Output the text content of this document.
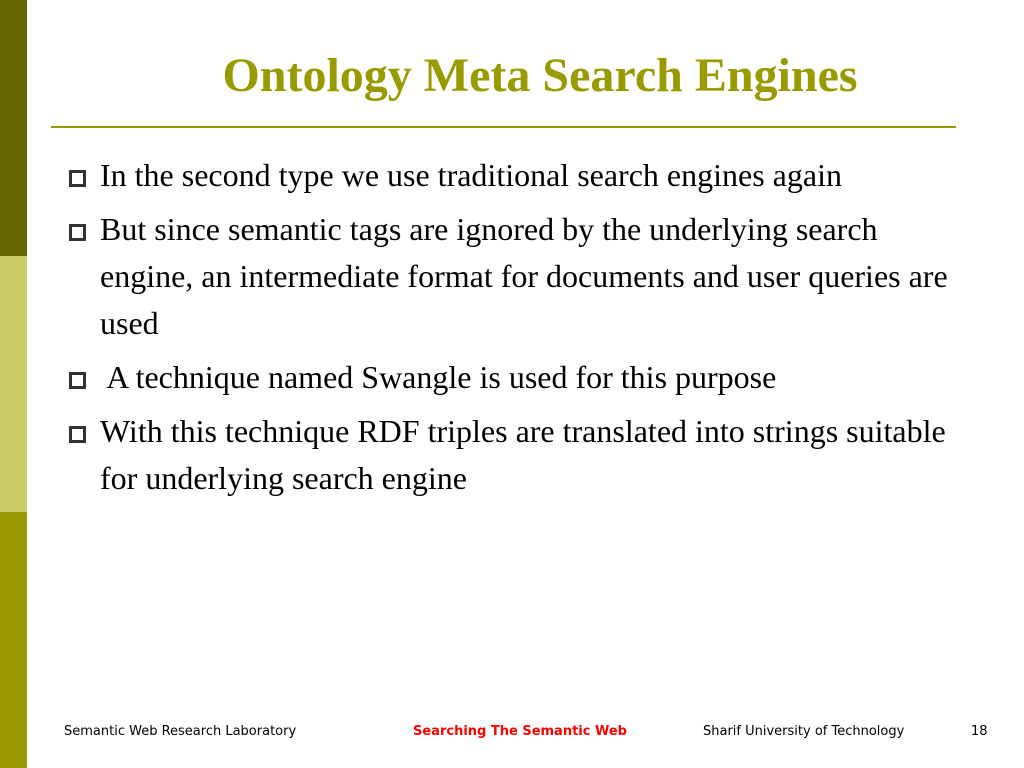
Ontology Meta Search Engines
In the second type we use traditional search engines again
But since semantic tags are ignored by the underlying search engine, an intermediate format for documents and user queries are used
A technique named Swangle is used for this purpose
With this technique RDF triples are translated into strings suitable for underlying search engine
Semantic Web Research Laboratory	Searching The Semantic Web	Sharif University of Technology	18
